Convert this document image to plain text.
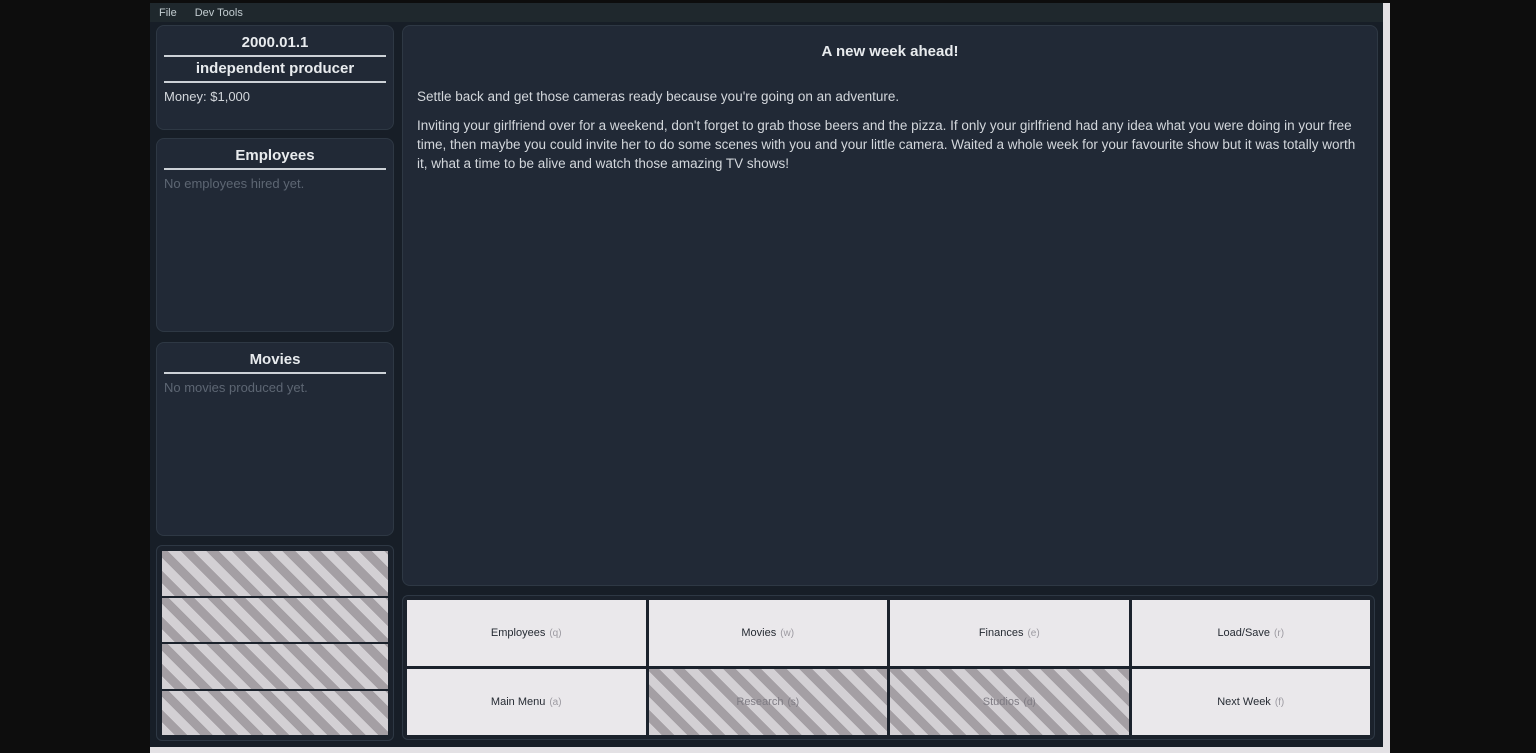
File	Dev Tools
2000.01.1
independent producer
Money: $1,000
Employees
No employees hired yet.
Movies
No movies produced yet.
A new week ahead!

Settle back and get those cameras ready because you're going on an adventure.

Inviting your girlfriend over for a weekend, don't forget to grab those beers and the pizza. If only your girlfriend had any idea what you were doing in your free time, then maybe you could invite her to do some scenes with you and your little camera. Waited a whole week for your favourite show but it was totally worth it, what a time to be alive and watch those amazing TV shows!

Employees (q)	Movies (w)	Finances (e)	Load/Save (r)
Main Menu (a)	Research (s)	Studios (d)	Next Week (f)
